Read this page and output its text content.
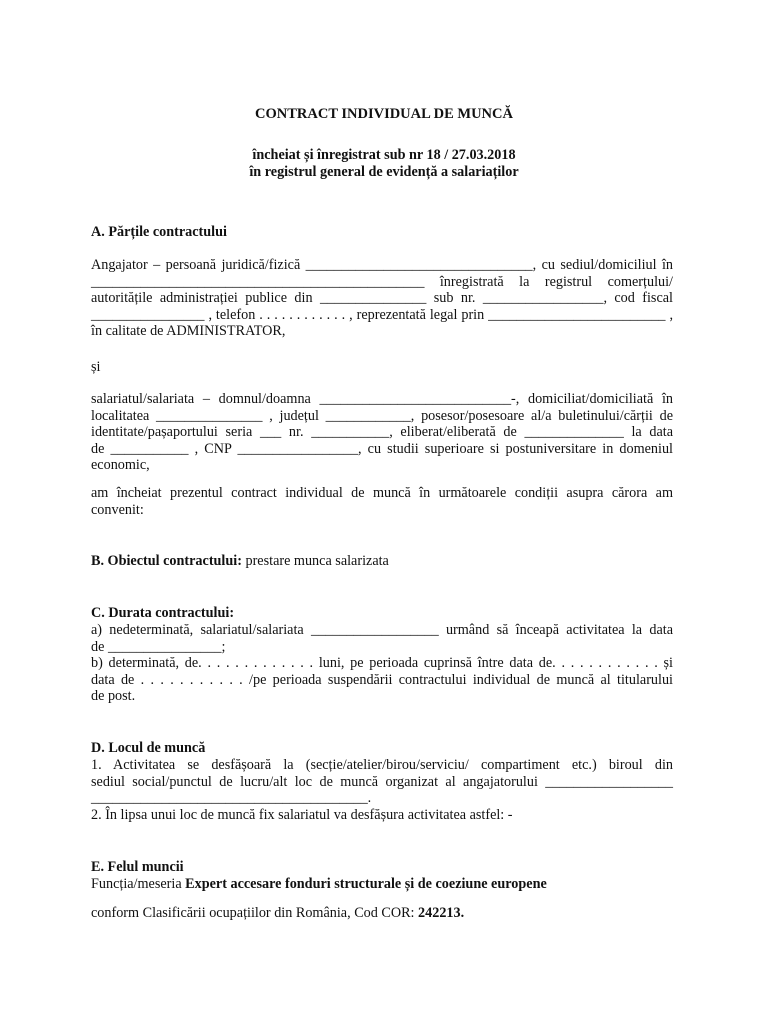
CONTRACT INDIVIDUAL DE MUNCĂ
încheiat și înregistrat sub nr 18 / 27.03.2018
în registrul general de evidență a salariaților
A. Părțile contractului
Angajator – persoană juridică/fizică ________________________________, cu sediul/domiciliul în
_______________________________________________ înregistrată la registrul comerțului/
autoritățile administrației publice din _______________ sub nr. _________________, cod fiscal
________________ , telefon . . . . . . . . . . . . , reprezentată legal prin _________________________ ,
în calitate de ADMINISTRATOR,
și
salariatul/salariata – domnul/doamna ___________________________-, domiciliat/domiciliată în
localitatea _______________ , județul ____________, posesor/posesoare al/a buletinului/cărții de
identitate/pașaportului seria ___ nr. ___________, eliberat/eliberată de ______________ la data
de ___________ , CNP _________________, cu studii superioare si postuniversitare in domeniul
economic,
am încheiat prezentul contract individual de muncă în următoarele condiții asupra cărora am
convenit:
B. Obiectul contractului: prestare munca salarizata
C. Durata contractului:
a) nedeterminată, salariatul/salariata __________________ urmând să înceapă activitatea la data
de ________________;
b) determinată, de. . . . . . . . . . . . . luni, pe perioada cuprinsă între data de. . . . . . . . . . . . și
data de . . . . . . . . . . . /pe perioada suspendării contractului individual de muncă al titularului
de post.
D. Locul de muncă
1. Activitatea se desfășoară la (secție/atelier/birou/serviciu/ compartiment etc.) biroul din
sediul social/punctul de lucru/alt loc de muncă organizat al angajatorului __________________
_______________________________________.
2. În lipsa unui loc de muncă fix salariatul va desfășura activitatea astfel: -
E. Felul muncii
Funcția/meseria Expert accesare fonduri structurale și de coeziune europene
conform Clasificării ocupațiilor din România, Cod COR: 242213.
